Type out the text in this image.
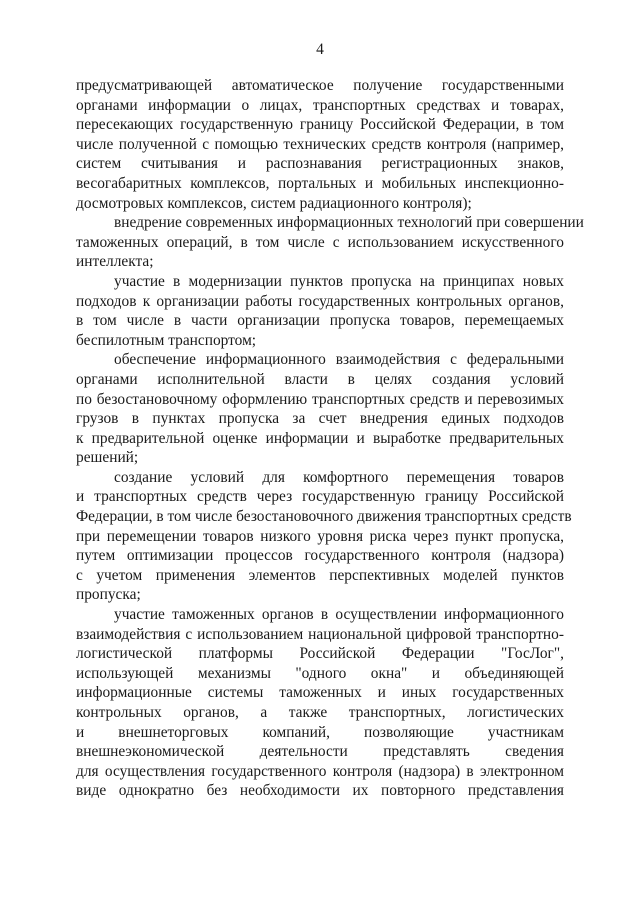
4

предусматривающей автоматическое получение государственными
органами информации о лицах, транспортных средствах и товарах,
пересекающих государственную границу Российской Федерации, в том
числе полученной с помощью технических средств контроля (например,
систем считывания и распознавания регистрационных знаков,
весогабаритных комплексов, портальных и мобильных инспекционно-
досмотровых комплексов, систем радиационного контроля);

внедрение современных информационных технологий при совершении
таможенных операций, в том числе с использованием искусственного
интеллекта;

участие в модернизации пунктов пропуска на принципах новых
подходов к организации работы государственных контрольных органов,
в том числе в части организации пропуска товаров, перемещаемых
беспилотным транспортом;

обеспечение информационного взаимодействия с федеральными
органами исполнительной власти в целях создания условий
по безостановочному оформлению транспортных средств и перевозимых
грузов в пунктах пропуска за счет внедрения единых подходов
к предварительной оценке информации и выработке предварительных
решений;

создание условий для комфортного перемещения товаров
и транспортных средств через государственную границу Российской
Федерации, в том числе безостановочного движения транспортных средств
при перемещении товаров низкого уровня риска через пункт пропуска,
путем оптимизации процессов государственного контроля (надзора)
с учетом применения элементов перспективных моделей пунктов
пропуска;

участие таможенных органов в осуществлении информационного
взаимодействия с использованием национальной цифровой транспортно-
логистической платформы Российской Федерации "ГосЛог",
использующей механизмы "одного окна" и объединяющей
информационные системы таможенных и иных государственных
контрольных органов, а также транспортных, логистических
и внешнеторговых компаний, позволяющие участникам
внешнеэкономической деятельности представлять сведения
для осуществления государственного контроля (надзора) в электронном
виде однократно без необходимости их повторного представления
